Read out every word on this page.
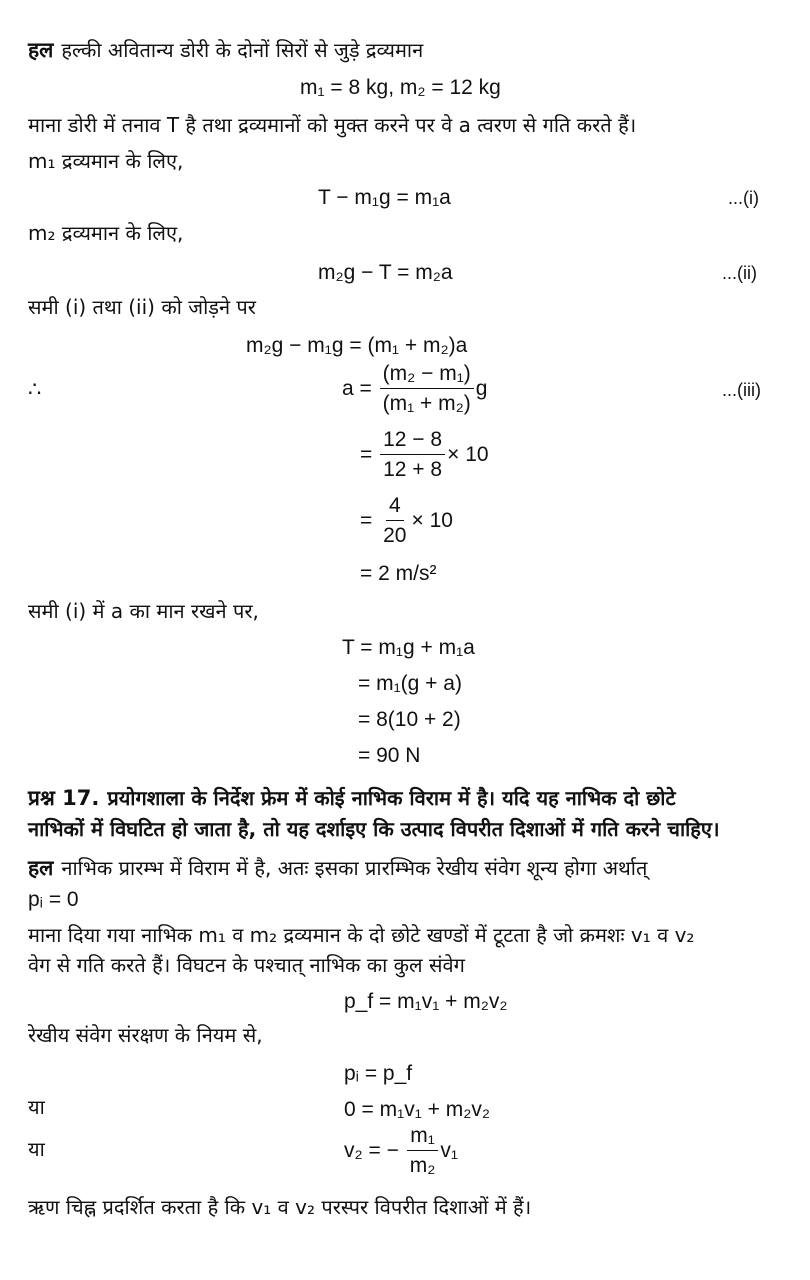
हल हल्की अवितान्य डोरी के दोनों सिरों से जुड़े द्रव्यमान
m₁ = 8 kg, m₂ = 12 kg
माना डोरी में तनाव T है तथा द्रव्यमानों को मुक्त करने पर वे a त्वरण से गति करते हैं।
m₁ द्रव्यमान के लिए,
T − m₁g = m₁a	...(i)
m₂ द्रव्यमान के लिए,
m₂g − T = m₂a	...(ii)
समी (i) तथा (ii) को जोड़ने पर
m₂g − m₁g = (m₁ + m₂)a
∴	$a = \frac{\text{(m₂ − m₁)}}{\text{(m₁ + m₂)}}$ g	...(iii)
= $\frac{12 - 8}{12 + 8} \times 10$
= $\frac{4}{20} \times 10$
= 2 m/s²
समी (i) में a का मान रखने पर,
T = m₁g + m₁a
= m₁(g + a)
= 8(10 + 2)
= 90 N
प्रश्न 17. प्रयोगशाला के निर्देश फ्रेम में कोई नाभिक विराम में है। यदि यह नाभिक दो छोटे
नाभिकों में विघटित हो जाता है, तो यह दर्शाइए कि उत्पाद विपरीत दिशाओं में गति करने चाहिए।
हल नाभिक प्रारम्भ में विराम में है, अतः इसका प्रारम्भिक रेखीय संवेग शून्य होगा अर्थात्
pᵢ = 0
माना दिया गया नाभिक m₁ व m₂ द्रव्यमान के दो छोटे खण्डों में टूटता है जो क्रमशः v₁ व v₂
वेग से गति करते हैं। विघटन के पश्चात् नाभिक का कुल संवेग
p_f = m₁v₁ + m₂v₂
रेखीय संवेग संरक्षण के नियम से,
pᵢ = p_f
या	0 = m₁v₁ + m₂v₂
या	v₂ = − $\frac{\text{m₁}}{\text{m₂}} v_1$
ऋण चिह्न प्रदर्शित करता है कि v₁ व v₂ परस्पर विपरीत दिशाओं में हैं।
